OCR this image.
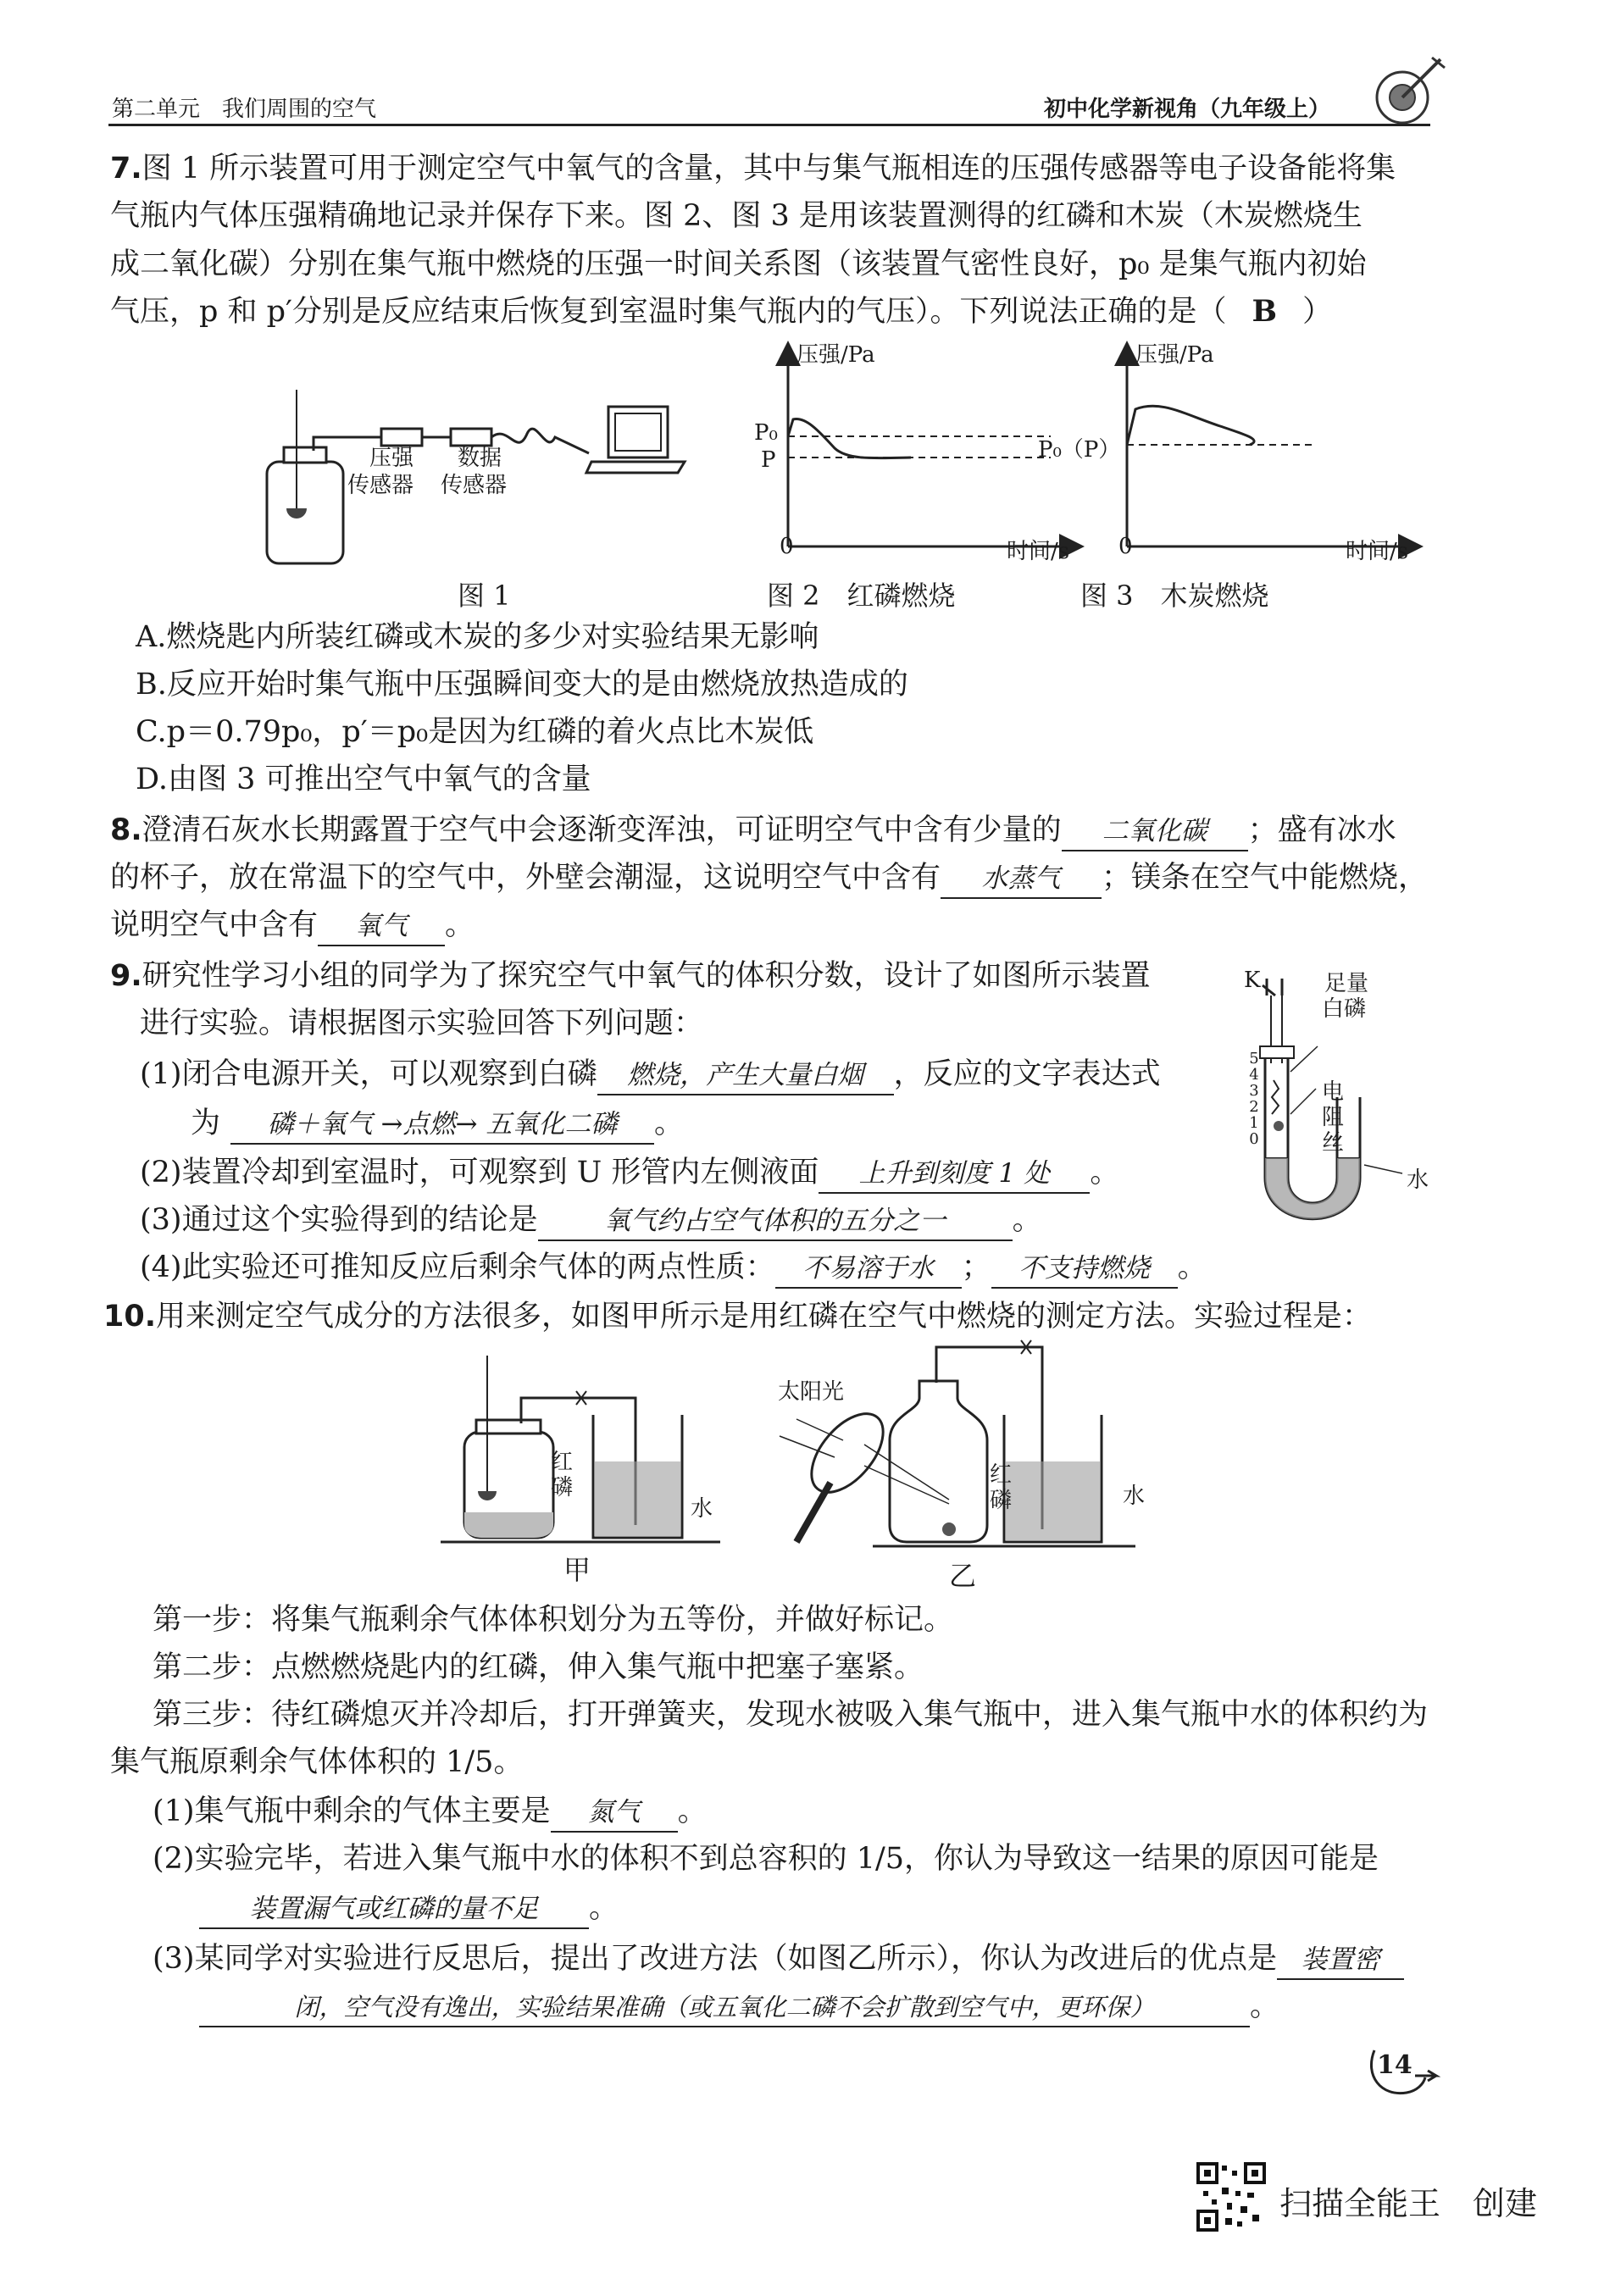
第二单元　我们周围的空气	初中化学新视角（九年级上）
7.图 1 所示装置可用于测定空气中氧气的含量，其中与集气瓶相连的压强传感器等电子设备能将集
气瓶内气体压强精确地记录并保存下来。图 2、图 3 是用该装置测得的红磷和木炭（木炭燃烧生
成二氧化碳）分别在集气瓶中燃烧的压强一时间关系图（该装置气密性良好，p₀ 是集气瓶内初始
气压，p 和 p′分别是反应结束后恢复到室温时集气瓶内的气压）。下列说法正确的是（ B ）
压强
传感器
数据
传感器
图 1
压强/Pa
P₀
P
0	时间/s
图 2　红磷燃烧
压强/Pa
P₀（P）
0	时间/s
图 3　木炭燃烧
A.燃烧匙内所装红磷或木炭的多少对实验结果无影响
B.反应开始时集气瓶中压强瞬间变大的是由燃烧放热造成的
C.p＝0.79p₀，p′＝p₀是因为红磷的着火点比木炭低
D.由图 3 可推出空气中氧气的含量
8.澄清石灰水长期露置于空气中会逐渐变浑浊，可证明空气中含有少量的 二氧化碳 ；盛有冰水
的杯子，放在常温下的空气中，外壁会潮湿，这说明空气中含有 水蒸气 ；镁条在空气中能燃烧，
说明空气中含有 氧气 。
9.研究性学习小组的同学为了探究空气中氧气的体积分数，设计了如图所示装置
进行实验。请根据图示实验回答下列问题：
(1)闭合电源开关，可以观察到白磷 燃烧，产生大量白烟 ，反应的文字表达式
为 磷＋氧气 →点燃→ 五氧化二磷 。
(2)装置冷却到室温时，可观察到 U 形管内左侧液面 上升到刻度 1 处 。
(3)通过这个实验得到的结论是	氧气约占空气体积的五分之一 。
(4)此实验还可推知反应后剩余气体的两点性质： 不易溶于水 ； 不支持燃烧 。
K	足量
白磷
电
阻
丝
水
5
4
3
2
1
0
10.用来测定空气成分的方法很多，如图甲所示是用红磷在空气中燃烧的测定方法。实验过程是：
红
磷
水
甲
太阳光
红
磷	水
乙
第一步：将集气瓶剩余气体体积划分为五等份，并做好标记。
第二步：点燃燃烧匙内的红磷，伸入集气瓶中把塞子塞紧。
第三步：待红磷熄灭并冷却后，打开弹簧夹，发现水被吸入集气瓶中，进入集气瓶中水的体积约为
集气瓶原剩余气体体积的 1/5。
(1)集气瓶中剩余的气体主要是 氮气 。
(2)实验完毕，若进入集气瓶中水的体积不到总容积的 1/5，你认为导致这一结果的原因可能是
装置漏气或红磷的量不足 。
(3)某同学对实验进行反思后，提出了改进方法（如图乙所示），你认为改进后的优点是 装置密
闭，空气没有逸出，实验结果准确（或五氧化二磷不会扩散到空气中，更环保）	。
14
扫描全能王　创建
